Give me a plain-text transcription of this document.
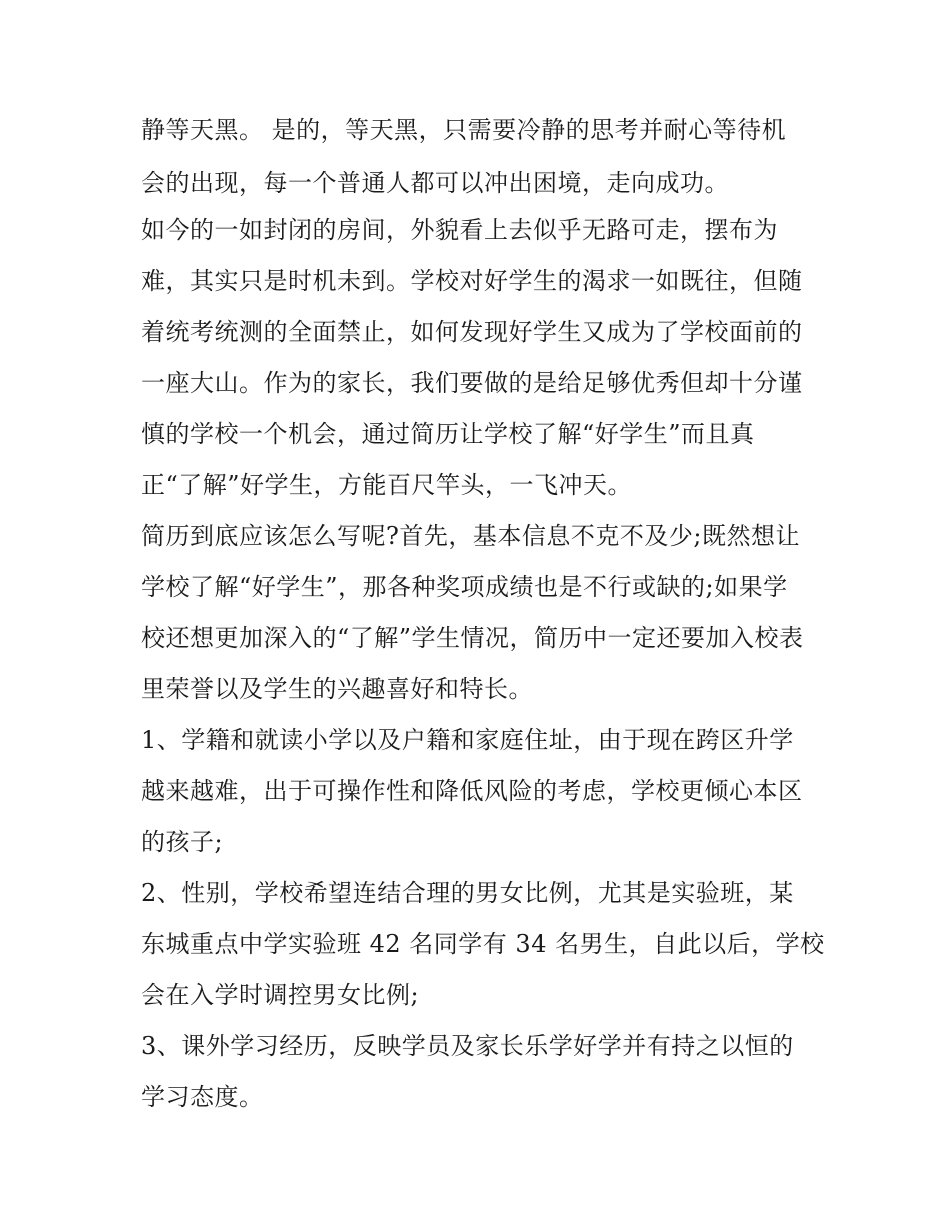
静等天黑。 是的，等天黑，只需要冷静的思考并耐心等待机
会的出现，每一个普通人都可以冲出困境，走向成功。
如今的一如封闭的房间，外貌看上去似乎无路可走，摆布为
难，其实只是时机未到。学校对好学生的渴求一如既往，但随
着统考统测的全面禁止，如何发现好学生又成为了学校面前的
一座大山。作为的家长，我们要做的是给足够优秀但却十分谨
慎的学校一个机会，通过简历让学校了解“好学生”而且真
正“了解”好学生，方能百尺竿头，一飞冲天。
简历到底应该怎么写呢?首先，基本信息不克不及少;既然想让
学校了解“好学生”，那各种奖项成绩也是不行或缺的;如果学
校还想更加深入的“了解”学生情况，简历中一定还要加入校表
里荣誉以及学生的兴趣喜好和特长。
1、学籍和就读小学以及户籍和家庭住址，由于现在跨区升学
越来越难，出于可操作性和降低风险的考虑，学校更倾心本区
的孩子;
2、性别，学校希望连结合理的男女比例，尤其是实验班，某
东城重点中学实验班 42 名同学有 34 名男生，自此以后，学校
会在入学时调控男女比例;
3、课外学习经历，反映学员及家长乐学好学并有持之以恒的
学习态度。
